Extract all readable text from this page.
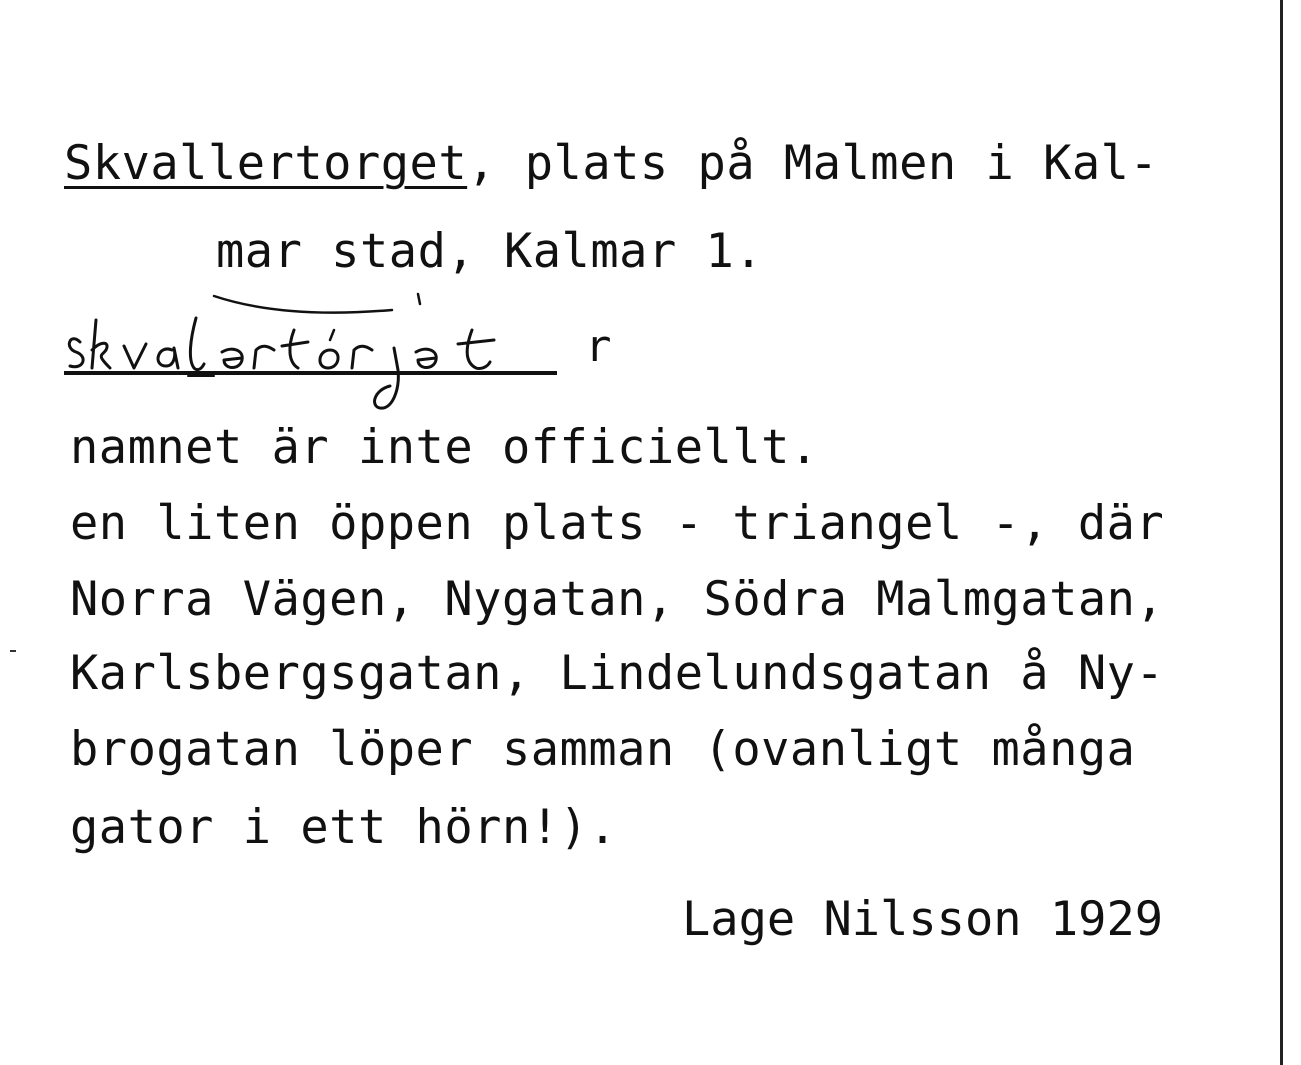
Skvallertorget, plats på Malmen i Kal-
mar stad, Kalmar 1.
r
namnet är inte officiellt.
en liten öppen plats - triangel -, där
Norra Vägen, Nygatan, Södra Malmgatan,
Karlsbergsgatan, Lindelundsgatan å Ny-
brogatan löper samman (ovanligt många
gator i ett hörn!).
Lage Nilsson 1929
